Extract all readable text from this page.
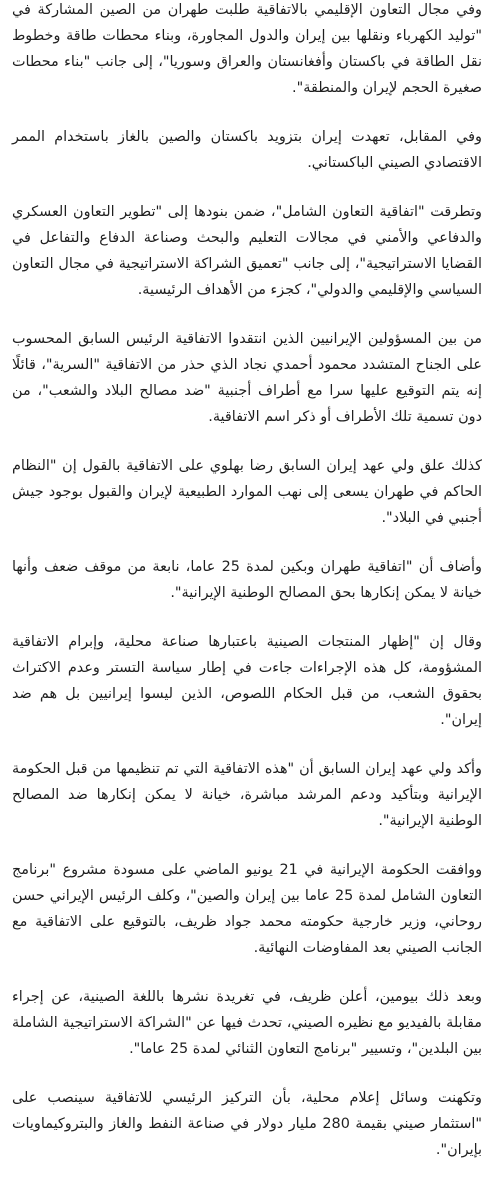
وفي مجال التعاون الإقليمي بالاتفاقية طلبت طهران من الصين المشاركة في "توليد الكهرباء ونقلها بين إيران والدول المجاورة، وبناء محطات طاقة وخطوط نقل الطاقة في باكستان وأفغانستان والعراق وسوريا"، إلى جانب "بناء محطات صغيرة الحجم لإيران والمنطقة".

وفي المقابل، تعهدت إيران بتزويد باكستان والصين بالغاز باستخدام الممر الاقتصادي الصيني الباكستاني.

وتطرقت "اتفاقية التعاون الشامل"، ضمن بنودها إلى "تطوير التعاون العسكري والدفاعي والأمني في مجالات التعليم والبحث وصناعة الدفاع والتفاعل في القضايا الاستراتيجية"، إلى جانب "تعميق الشراكة الاستراتيجية في مجال التعاون السياسي والإقليمي والدولي"، كجزء من الأهداف الرئيسية.

من بين المسؤولين الإيرانيين الذين انتقدوا الاتفاقية الرئيس السابق المحسوب على الجناح المتشدد محمود أحمدي نجاد الذي حذر من الاتفاقية "السرية"، قائلًا إنه يتم التوقيع عليها سرا مع أطراف أجنبية "ضد مصالح البلاد والشعب"، من دون تسمية تلك الأطراف أو ذكر اسم الاتفاقية.

كذلك علق ولي عهد إيران السابق رضا بهلوي على الاتفاقية بالقول إن "النظام الحاكم في طهران يسعى إلى نهب الموارد الطبيعية لإيران والقبول بوجود جيش أجنبي في البلاد".

وأضاف أن "اتفاقية طهران وبكين لمدة 25 عاما، نابعة من موقف ضعف وأنها خيانة لا يمكن إنكارها بحق المصالح الوطنية الإيرانية".

وقال إن "إظهار المنتجات الصينية باعتبارها صناعة محلية، وإبرام الاتفاقية المشؤومة، كل هذه الإجراءات جاءت في إطار سياسة التستر وعدم الاكتراث بحقوق الشعب، من قبل الحكام اللصوص، الذين ليسوا إيرانيين بل هم ضد إيران".

وأكد ولي عهد إيران السابق أن "هذه الاتفاقية التي تم تنظيمها من قبل الحكومة الإيرانية وبتأكيد ودعم المرشد مباشرة، خيانة لا يمكن إنكارها ضد المصالح الوطنية الإيرانية".

ووافقت الحكومة الإيرانية في 21 يونيو الماضي على مسودة مشروع "برنامج التعاون الشامل لمدة 25 عاما بين إيران والصين"، وكلف الرئيس الإيراني حسن روحاني، وزير خارجية حكومته محمد جواد ظريف، بالتوقيع على الاتفاقية مع الجانب الصيني بعد المفاوضات النهائية.

وبعد ذلك بيومين، أعلن ظريف، في تغريدة نشرها باللغة الصينية، عن إجراء مقابلة بالفيديو مع نظيره الصيني، تحدث فيها عن "الشراكة الاستراتيجية الشاملة بين البلدين"، وتسيير "برنامج التعاون الثنائي لمدة 25 عاما".

وتكهنت وسائل إعلام محلية، بأن التركيز الرئيسي للاتفاقية سينصب على "استثمار صيني بقيمة 280 مليار دولار في صناعة النفط والغاز والبتروكيماويات بإيران".
